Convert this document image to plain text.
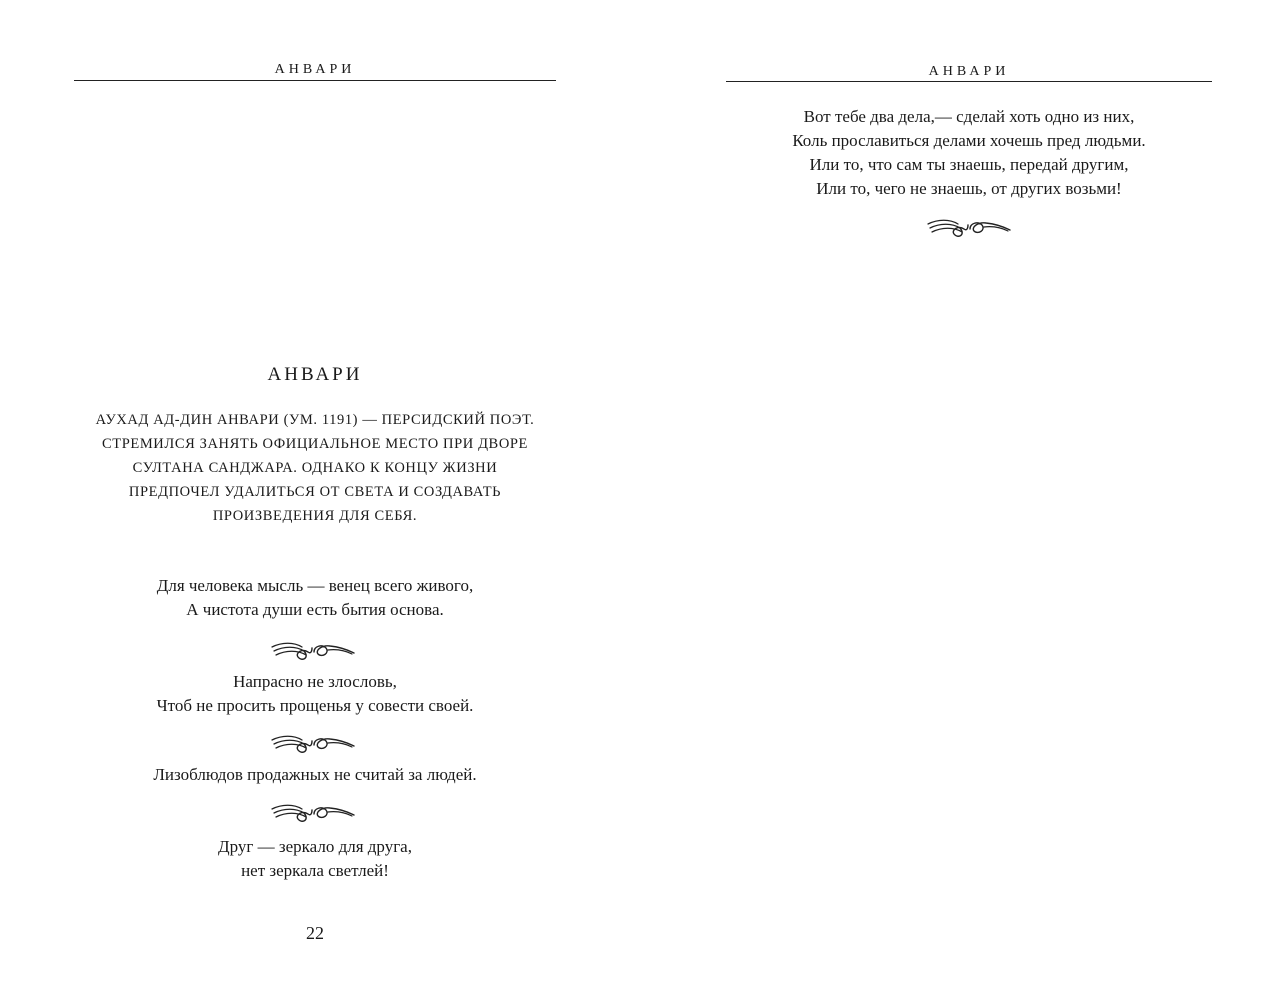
АНВАРИ
АНВАРИ
АУХАД АД-ДИН АНВАРИ (УМ. 1191) — ПЕРСИДСКИЙ ПОЭТ.
СТРЕМИЛСЯ ЗАНЯТЬ ОФИЦИАЛЬНОЕ МЕСТО ПРИ ДВОРЕ
СУЛТАНА САНДЖАРА. ОДНАКО К КОНЦУ ЖИЗНИ
ПРЕДПОЧЕЛ УДАЛИТЬСЯ ОТ СВЕТА И СОЗДАВАТЬ
ПРОИЗВЕДЕНИЯ ДЛЯ СЕБЯ.
Для человека мысль — венец всего живого,
А чистота души есть бытия основа.
Напрасно не злословь,
Чтоб не просить прощенья у совести своей.
Лизоблюдов продажных не считай за людей.
Друг — зеркало для друга,
нет зеркала светлей!
22
АНВАРИ
Вот тебе два дела,— сделай хоть одно из них,
Коль прославиться делами хочешь пред людьми.
Или то, что сам ты знаешь, передай другим,
Или то, чего не знаешь, от других возьми!
